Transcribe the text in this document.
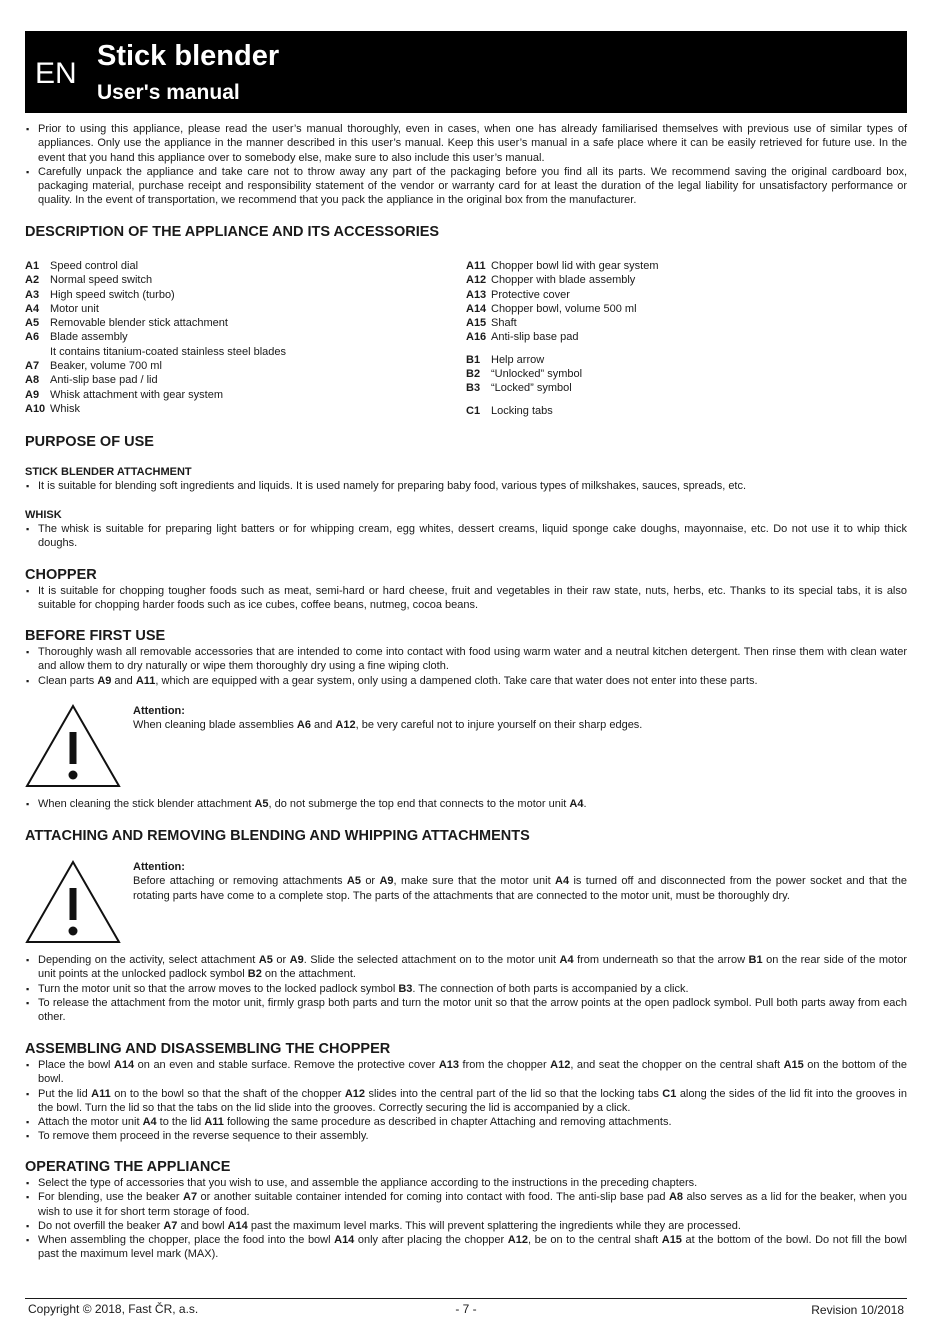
EN
Stick blender
User's manual
▪ Prior to using this appliance, please read the user’s manual thoroughly, even in cases, when one has already familiarised themselves with previous use of similar types of appliances. Only use the appliance in the manner described in this user’s manual. Keep this user’s manual in a safe place where it can be easily retrieved for future use. In the event that you hand this appliance over to somebody else, make sure to also include this user’s manual.
▪ Carefully unpack the appliance and take care not to throw away any part of the packaging before you find all its parts. We recommend saving the original cardboard box, packaging material, purchase receipt and responsibility statement of the vendor or warranty card for at least the duration of the legal liability for unsatisfactory performance or quality. In the event of transportation, we recommend that you pack the appliance in the original box from the manufacturer.
DESCRIPTION OF THE APPLIANCE AND ITS ACCESSORIES
A1 Speed control dial
A2 Normal speed switch
A3 High speed switch (turbo)
A4 Motor unit
A5 Removable blender stick attachment
A6 Blade assembly
It contains titanium-coated stainless steel blades
A7 Beaker, volume 700 ml
A8 Anti-slip base pad / lid
A9 Whisk attachment with gear system
A10 Whisk
A11 Chopper bowl lid with gear system
A12 Chopper with blade assembly
A13 Protective cover
A14 Chopper bowl, volume 500 ml
A15 Shaft
A16 Anti-slip base pad
B1 Help arrow
B2 “Unlocked” symbol
B3 “Locked” symbol
C1 Locking tabs
PURPOSE OF USE
STICK BLENDER ATTACHMENT
▪ It is suitable for blending soft ingredients and liquids. It is used namely for preparing baby food, various types of milkshakes, sauces, spreads, etc.
WHISK
▪ The whisk is suitable for preparing light batters or for whipping cream, egg whites, dessert creams, liquid sponge cake doughs, mayonnaise, etc. Do not use it to whip thick doughs.
CHOPPER
▪ It is suitable for chopping tougher foods such as meat, semi-hard or hard cheese, fruit and vegetables in their raw state, nuts, herbs, etc. Thanks to its special tabs, it is also suitable for chopping harder foods such as ice cubes, coffee beans, nutmeg, cocoa beans.
BEFORE FIRST USE
▪ Thoroughly wash all removable accessories that are intended to come into contact with food using warm water and a neutral kitchen detergent. Then rinse them with clean water and allow them to dry naturally or wipe them thoroughly dry using a fine wiping cloth.
▪ Clean parts A9 and A11, which are equipped with a gear system, only using a dampened cloth. Take care that water does not enter into these parts.
Attention:
When cleaning blade assemblies A6 and A12, be very careful not to injure yourself on their sharp edges.
▪ When cleaning the stick blender attachment A5, do not submerge the top end that connects to the motor unit A4.
ATTACHING AND REMOVING BLENDING AND WHIPPING ATTACHMENTS
Attention:
Before attaching or removing attachments A5 or A9, make sure that the motor unit A4 is turned off and disconnected from the power socket and that the rotating parts have come to a complete stop. The parts of the attachments that are connected to the motor unit, must be thoroughly dry.
▪ Depending on the activity, select attachment A5 or A9. Slide the selected attachment on to the motor unit A4 from underneath so that the arrow B1 on the rear side of the motor unit points at the unlocked padlock symbol B2 on the attachment.
▪ Turn the motor unit so that the arrow moves to the locked padlock symbol B3. The connection of both parts is accompanied by a click.
▪ To release the attachment from the motor unit, firmly grasp both parts and turn the motor unit so that the arrow points at the open padlock symbol. Pull both parts away from each other.
ASSEMBLING AND DISASSEMBLING THE CHOPPER
▪ Place the bowl A14 on an even and stable surface. Remove the protective cover A13 from the chopper A12, and seat the chopper on the central shaft A15 on the bottom of the bowl.
▪ Put the lid A11 on to the bowl so that the shaft of the chopper A12 slides into the central part of the lid so that the locking tabs C1 along the sides of the lid fit into the grooves in the bowl. Turn the lid so that the tabs on the lid slide into the grooves. Correctly securing the lid is accompanied by a click.
▪ Attach the motor unit A4 to the lid A11 following the same procedure as described in chapter Attaching and removing attachments.
▪ To remove them proceed in the reverse sequence to their assembly.
OPERATING THE APPLIANCE
▪ Select the type of accessories that you wish to use, and assemble the appliance according to the instructions in the preceding chapters.
▪ For blending, use the beaker A7 or another suitable container intended for coming into contact with food. The anti-slip base pad A8 also serves as a lid for the beaker, when you wish to use it for short term storage of food.
▪ Do not overfill the beaker A7 and bowl A14 past the maximum level marks. This will prevent splattering the ingredients while they are processed.
▪ When assembling the chopper, place the food into the bowl A14 only after placing the chopper A12, be on to the central shaft A15 at the bottom of the bowl. Do not fill the bowl past the maximum level mark (MAX).
Copyright © 2018, Fast ČR, a.s.	- 7 -	Revision 10/2018
